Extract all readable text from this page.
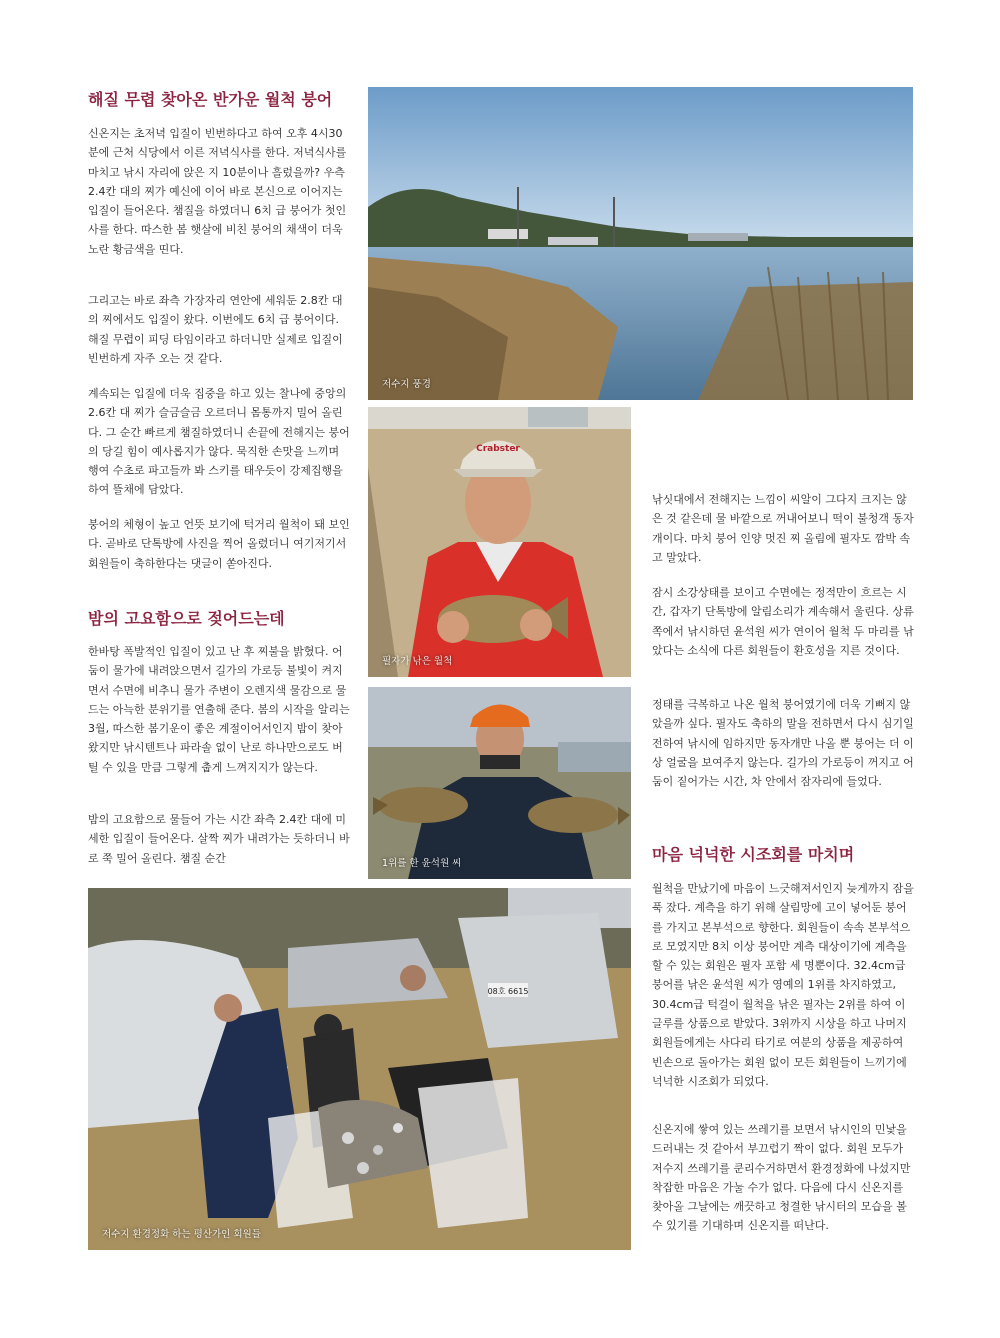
해질 무렵 찾아온 반가운 월척 붕어

신온지는 초저녁 입질이 빈번하다고 하여 오후 4시30분에 근처 식당에서 이른 저녁식사를 한다. 저녁식사를 마치고 낚시 자리에 앉은 지 10분이나 흘렀을까? 우측 2.4칸 대의 찌가 예신에 이어 바로 본신으로 이어지는 입질이 들어온다. 챔질을 하였더니 6치 급 붕어가 첫인사를 한다. 따스한 봄 햇살에 비친 붕어의 채색이 더욱 노란 황금색을 띤다.

그리고는 바로 좌측 가장자리 연안에 세워둔 2.8칸 대의 찌에서도 입질이 왔다. 이번에도 6치 급 붕어이다. 해질 무렵이 피딩 타임이라고 하더니만 실제로 입질이 빈번하게 자주 오는 것 같다.

계속되는 입질에 더욱 집중을 하고 있는 찰나에 중앙의 2.6칸 대 찌가 슬금슬금 오르더니 몸통까지 밀어 올린다. 그 순간 빠르게 챔질하였더니 손끝에 전해지는 붕어의 당길 힘이 예사롭지가 않다. 묵직한 손맛을 느끼며 행여 수초로 파고들까 봐 스키를 태우듯이 강제집행을 하여 뜰채에 담았다.

붕어의 체형이 높고 언뜻 보기에 턱거리 월척이 돼 보인다. 곧바로 단톡방에 사진을 찍어 올렸더니 여기저기서 회원들이 축하한다는 댓글이 쏟아진다.

밤의 고요함으로 젖어드는데

한바탕 폭발적인 입질이 있고 난 후 찌불을 밝혔다. 어둠이 물가에 내려앉으면서 길가의 가로등 불빛이 켜지면서 수면에 비추니 물가 주변이 오렌지색 물감으로 물드는 아늑한 분위기를 연출해 준다. 봄의 시작을 알리는 3월, 따스한 봄기운이 좋은 계절이어서인지 밤이 찾아왔지만 낚시텐트나 파라솔 없이 난로 하나만으로도 버틸 수 있을 만큼 그렇게 춥게 느껴지지가 않는다.

밤의 고요함으로 물들어 가는 시간 좌측 2.4칸 대에 미세한 입질이 들어온다. 살짝 찌가 내려가는 듯하더니 바로 쭉 밀어 올린다. 챔질 순간

낚싯대에서 전해지는 느낌이 씨알이 그다지 크지는 않은 것 같은데 물 바깥으로 꺼내어보니 떡이 불청객 동자개이다. 마치 붕어 인양 멋진 찌 올림에 필자도 깜박 속고 말았다.

잠시 소강상태를 보이고 수면에는 정적만이 흐르는 시간, 갑자기 단톡방에 알림소리가 계속해서 울린다. 상류 쪽에서 낚시하던 윤석원 씨가 연이어 월척 두 마리를 낚았다는 소식에 다른 회원들이 환호성을 지른 것이다.

정태를 극복하고 나온 월척 붕어였기에 더욱 기뻐지 않았을까 싶다. 필자도 축하의 말을 전하면서 다시 심기일전하여 낚시에 임하지만 동자개만 나올 뿐 붕어는 더 이상 얼굴을 보여주지 않는다. 길가의 가로등이 꺼지고 어둠이 짙어가는 시간, 차 안에서 잠자리에 들었다.

마음 넉넉한 시조회를 마치며

월척을 만났기에 마음이 느긋해져서인지 늦게까지 잠을 푹 잤다. 계측을 하기 위해 살림망에 고이 넣어둔 붕어를 가지고 본부석으로 향한다. 회원들이 속속 본부석으로 모였지만 8치 이상 붕어만 계측 대상이기에 계측을 할 수 있는 회원은 필자 포함 세 명뿐이다. 32.4cm급 붕어를 낚은 윤석원 씨가 영예의 1위를 차지하였고, 30.4cm급 턱걸이 월척을 낚은 필자는 2위를 하여 이글루를 상품으로 받았다. 3위까지 시상을 하고 나머지 회원들에게는 사다리 타기로 여분의 상품을 제공하여 빈손으로 돌아가는 회원 없이 모든 회원들이 느끼기에 넉넉한 시조회가 되었다.

신온지에 쌓여 있는 쓰레기를 보면서 낚시인의 민낯을 드러내는 것 같아서 부끄럽기 짝이 없다. 회원 모두가 저수지 쓰레기를 쿤리수거하면서 환경정화에 나섰지만 착잡한 마음은 가눌 수가 없다. 다음에 다시 신온지를 찾아올 그날에는 깨끗하고 청결한 낚시터의 모습을 볼 수 있기를 기대하며 신온지를 떠난다.

저수지 풍경
Crabster
필자가 낚은 월척
1위를 한 윤석원 씨
08호 6615
저수지 환경정화 하는 평산가인 회원들
